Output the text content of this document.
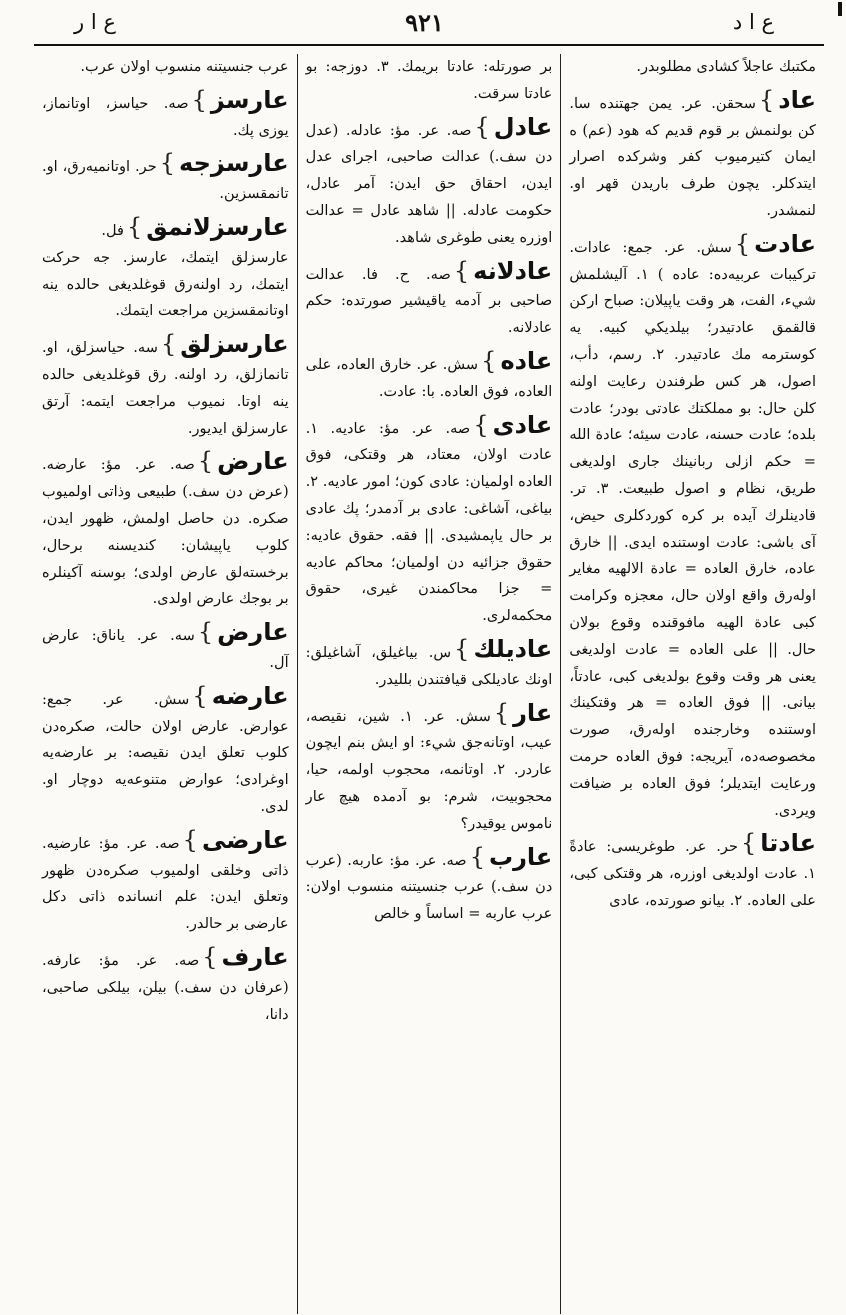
ع ا د
٩٢١
ع ا ر

مكتبك عاجلاً كشادى مطلوبدر.

عاد}سحقن. عر. يمن جهتنده سا. كن بولنمش بر قوم قديم كه هود (عم) ه ايمان كتيرميوب كفر وشركده اصرار ايتدكلر. يچون طرف باريدن قهر او. لنمشدر.

عادت}سش. عر. جمع: عادات. تركيبات عربيه‌ده: عاده ) ١. آليشلمش شيء، الفت، هر وقت ياپيلان: صباح اركن قالقمق عادتيدر؛ بيلديكي كبيه. يه كوسترمه مك عادتيدر. ٢. رسم، دأب، اصول، هر كس طرفندن رعايت اولنه كلن حال: بو مملكتك عادتى بودر؛ عادت بلده؛ عادت حسنه، عادت سيئه؛ عادة الله = حكم ازلى ربانينك جارى اولديغى طريق، نظام و اصول طبيعت. ٣. تر. قادينلرك آيده بر كره كوردكلرى حيض، آى باشى: عادت اوستنده ايدى. || خارق عاده، خارق العاده = عادة الالهيه مغاير اوله‌رق واقع اولان حال، معجزه وكرامت كبى عادة الهيه مافوقنده وقوع بولان حال. || على العاده = عادت اولديغى يعنى هر وقت وقوع بولديغى كبى، عادتاً، بيانى. || فوق العاده = هر وقتكينك اوستنده وخارجنده اوله‌رق، صورت مخصوصه‌ده، آيريجه: فوق العاده حرمت ورعايت ايتديلر؛ فوق العاده بر ضيافت ويردى.

عادتا}حر. عر. طوغريسى: عادةً ١. عادت اولديغى اوزره، هر وقتكى كبى، على العاده. ٢. بيانو صورتده، عادى

بر صورتله: عادتا بريمك. ٣. دوزجه: بو عادتا سرقت.

عادل}صه. عر. مؤ: عادله. (عدل دن سف.) عدالت صاحبى، اجراى عدل ايدن، احقاق حق ايدن: آمر عادل، حكومت عادله. || شاهد عادل = عدالت اوزره يعنى طوغرى شاهد.

عادلانه}صه. ح. فا. عدالت صاحبى بر آدمه ياقيشير صورتده: حكم عادلانه.

عاده}سش. عر. خارق العاده، على العاده، فوق العاده. با: عادت.

عادى}صه. عر. مؤ: عاديه. ١. عادت اولان، معتاد، هر وقتكى، فوق العاده اولميان: عادى كون؛ امور عاديه. ٢. بياغى، آشاغى: عادى بر آدمدر؛ پك عادى بر حال ياپمشيدى. || فقه. حقوق عاديه: حقوق جزائيه دن اولميان؛ محاكم عاديه = جزا محاكمندن غيرى، حقوق محكمه‌لرى.

عاديلك}س. بياغيلق، آشاغيلق: اونك عاديلكى قيافتندن بلليدر.

عار}سش. عر. ١. شين، نقيصه، عيب، اوتانه‌جق شيء: او ايش بنم ايچون عاردر. ٢. اوتانمه، محجوب اولمه، حيا، محجوبيت، شرم: بو آدمده هيچ عار ناموس يوقيدر؟

عارب}صه. عر. مؤ: عاربه. (عرب دن سف.) عرب جنسيتنه منسوب اولان: عرب عاربه = اساساً و خالص

عرب جنسيتنه منسوب اولان عرب.

عارسز}صه. حياسز، اوتانماز، يوزى پك.

عارسزجه}حر. اوتانميه‌رق، او. تانمقسزين.

عارسزلانمق}فل. عارسزلق ايتمك، عارسز. جه حركت ايتمك، رد اولنه‌رق قوغلديغى حالده ينه اوتانمقسزين مراجعت ايتمك.

عارسزلق}سه. حياسزلق، او. تانمازلق، رد اولنه. رق قوغلديغى حالده ينه اوتا. نميوب مراجعت ايتمه: آرتق عارسزلق ايديور.

عارض}صه. عر. مؤ: عارضه. (عرض دن سف.) طبيعى وذاتى اولميوب صكره. دن حاصل اولمش، ظهور ايدن، كلوب ياپيشان: كنديسنه برحال، برخسته‌لق عارض اولدى؛ بوسنه آكينلره بر بوجك عارض اولدى.

عارض}سه. عر. ياناق: عارض آل.

عارضه}سش. عر. جمع: عوارض. عارض اولان حالت، صكره‌دن كلوب تعلق ايدن نقيصه: بر عارضه‌يه اوغرادى؛ عوارض متنوعه‌يه دوچار او. لدى.

عارضى}صه. عر. مؤ: عارضيه. ذاتى وخلقى اولميوب صكره‌دن ظهور وتعلق ايدن: علم انسانده ذاتى دكل عارضى بر حالدر.

عارف}صه. عر. مؤ: عارفه. (عرفان دن سف.) بيلن، بيلكى صاحبى، دانا،
